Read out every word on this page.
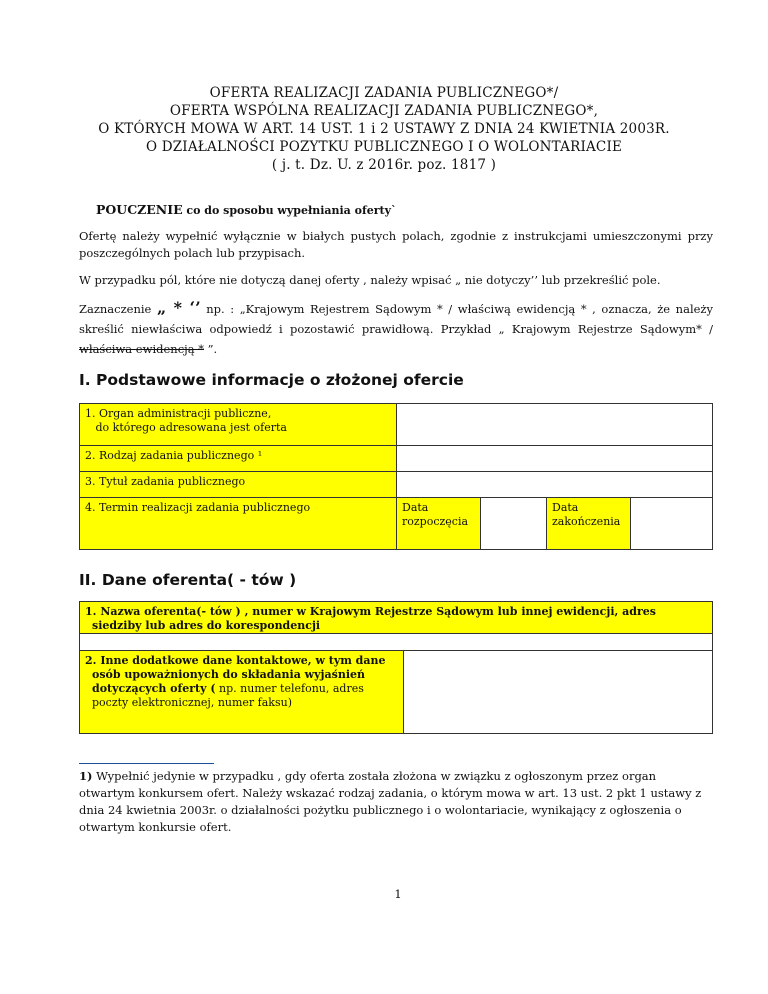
OFERTA REALIZACJI ZADANIA PUBLICZNEGO*/
OFERTA WSPÓLNA REALIZACJI ZADANIA PUBLICZNEGO*,
O KTÓRYCH MOWA W ART. 14 UST. 1 i 2 USTAWY Z DNIA 24 KWIETNIA 2003R.
O DZIAŁALNOŚCI POZYTKU PUBLICZNEGO I O WOLONTARIACIE
( j. t. Dz. U. z 2016r. poz. 1817 )
POUCZENIE co do sposobu wypełniania oferty`
Ofertę należy wypełnić wyłącznie w białych pustych polach, zgodnie z instrukcjami umieszczonymi przy poszczególnych polach lub przypisach.
W przypadku pól, które nie dotyczą danej oferty , należy wpisać „ nie dotyczy’’ lub przekreślić pole.
Zaznaczenie „ * ‘’ np. : „Krajowym Rejestrem Sądowym * / właściwą ewidencją * , oznacza, że należy skreślić niewłaściwa odpowiedź i pozostawić prawidłową. Przykład „ Krajowym Rejestrze Sądowym* / właściwa ewidencją * ”.
I. Podstawowe informacje o złożonej ofercie
1. Organ administracji publiczne,
do którego adresowana jest oferta
2. Rodzaj zadania publicznego ¹
3. Tytuł zadania publicznego
4. Termin realizacji zadania publicznego	Data
rozpoczęcia
Data
zakończenia
II. Dane oferenta( - tów )
1. Nazwa oferenta(- tów ) , numer w Krajowym Rejestrze Sądowym lub innej ewidencji, adres siedziby lub adres do korespondencji
2. Inne dodatkowe dane kontaktowe, w tym dane osób upoważnionych do składania wyjaśnień dotyczących oferty ( np. numer telefonu, adres poczty elektronicznej, numer faksu)
1) Wypełnić jedynie w przypadku , gdy oferta została złożona w związku z ogłoszonym przez organ otwartym konkursem ofert. Należy wskazać rodzaj zadania, o którym mowa w art. 13 ust. 2 pkt 1 ustawy z dnia 24 kwietnia 2003r. o działalności pożytku publicznego i o wolontariacie, wynikający z ogłoszenia o otwartym konkursie ofert.
1
